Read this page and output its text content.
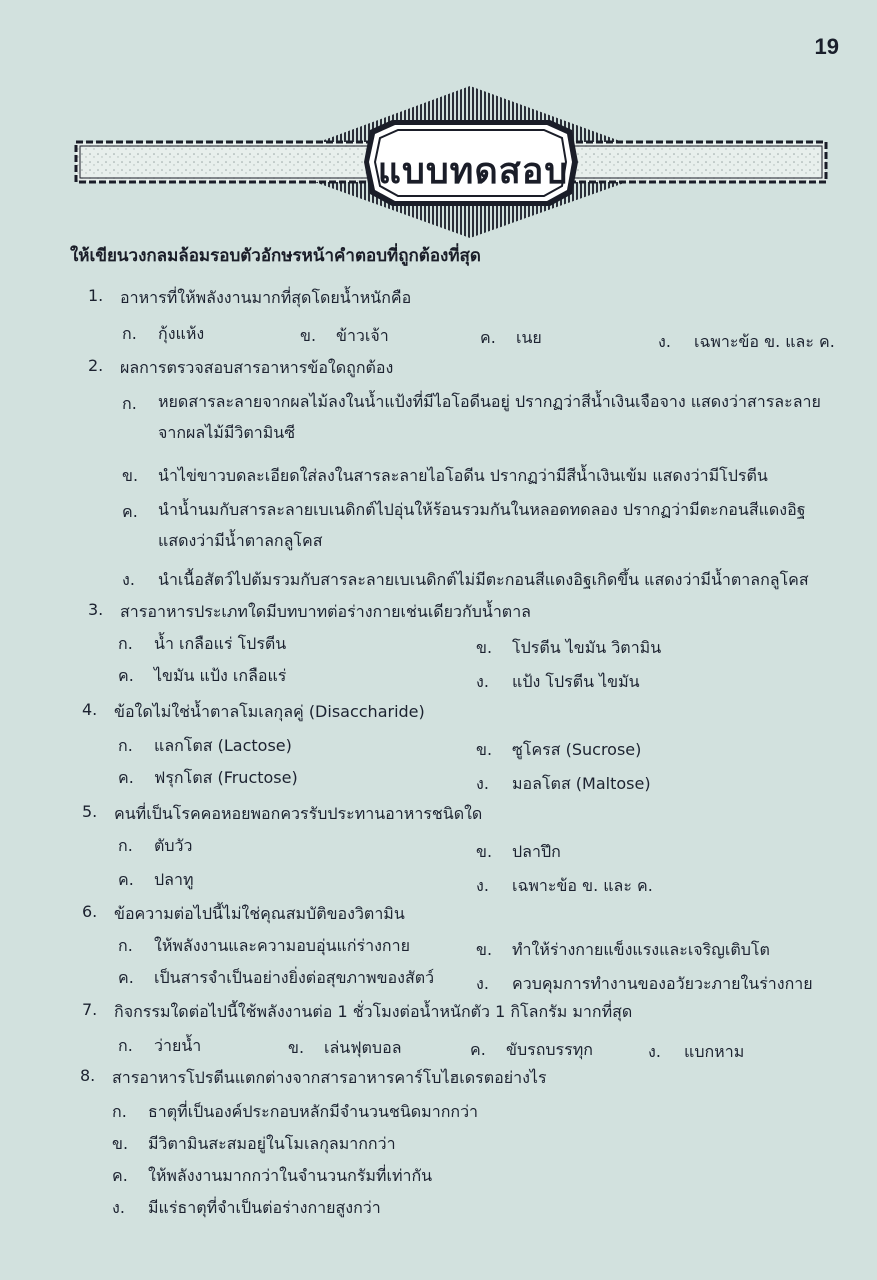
19
แบบทดสอบ
ให้เขียนวงกลมล้อมรอบตัวอักษรหน้าคำตอบที่ถูกต้องที่สุด
1.	อาหารที่ให้พลังงานมากที่สุดโดยน้ำหนักคือ
ก. กุ้งแห้ง	ข. ข้าวเจ้า	ค. เนย	ง. เฉพาะข้อ ข. และ ค.
2.	ผลการตรวจสอบสารอาหารข้อใดถูกต้อง
ก. หยดสารละลายจากผลไม้ลงในน้ำแป้งที่มีไอโอดีนอยู่ ปรากฏว่าสีน้ำเงินเจือจาง แสดงว่าสารละลายจากผลไม้มีวิตามินซี
ข. นำไข่ขาวบดละเอียดใส่ลงในสารละลายไอโอดีน ปรากฏว่ามีสีน้ำเงินเข้ม แสดงว่ามีโปรตีน
ค. นำน้ำนมกับสารละลายเบเนดิกต์ไปอุ่นให้ร้อนรวมกันในหลอดทดลอง ปรากฏว่ามีตะกอนสีแดงอิฐ แสดงว่ามีน้ำตาลกลูโคส
ง. นำเนื้อสัตว์ไปต้มรวมกับสารละลายเบเนดิกต์ไม่มีตะกอนสีแดงอิฐเกิดขึ้น แสดงว่ามีน้ำตาลกลูโคส
3.	สารอาหารประเภทใดมีบทบาทต่อร่างกายเช่นเดียวกับน้ำตาล
ก. น้ำ เกลือแร่ โปรตีน	ข. โปรตีน ไขมัน วิตามิน
ค. ไขมัน แป้ง เกลือแร่	ง. แป้ง โปรตีน ไขมัน
4.	ข้อใดไม่ใช่น้ำตาลโมเลกุลคู่ (Disaccharide)
ก. แลกโตส (Lactose)	ข. ซูโครส (Sucrose)
ค. ฟรุกโตส (Fructose)	ง. มอลโตส (Maltose)
5.	คนที่เป็นโรคคอหอยพอกควรรับประทานอาหารชนิดใด
ก. ตับวัว	ข. ปลาปึก
ค. ปลาทู	ง. เฉพาะข้อ ข. และ ค.
6.	ข้อความต่อไปนี้ไม่ใช่คุณสมบัติของวิตามิน
ก. ให้พลังงานและความอบอุ่นแก่ร่างกาย	ข. ทำให้ร่างกายแข็งแรงและเจริญเติบโต
ค. เป็นสารจำเป็นอย่างยิ่งต่อสุขภาพของสัตว์	ง. ควบคุมการทำงานของอวัยวะภายในร่างกาย
7.	กิจกรรมใดต่อไปนี้ใช้พลังงานต่อ 1 ชั่วโมงต่อน้ำหนักตัว 1 กิโลกรัม มากที่สุด
ก. ว่ายน้ำ	ข. เล่นฟุตบอล	ค. ขับรถบรรทุก	ง. แบกหาม
8.	สารอาหารโปรตีนแตกต่างจากสารอาหารคาร์โบไฮเดรตอย่างไร
ก. ธาตุที่เป็นองค์ประกอบหลักมีจำนวนชนิดมากกว่า
ข. มีวิตามินสะสมอยู่ในโมเลกุลมากกว่า
ค. ให้พลังงานมากกว่าในจำนวนกรัมที่เท่ากัน
ง. มีแร่ธาตุที่จำเป็นต่อร่างกายสูงกว่า
